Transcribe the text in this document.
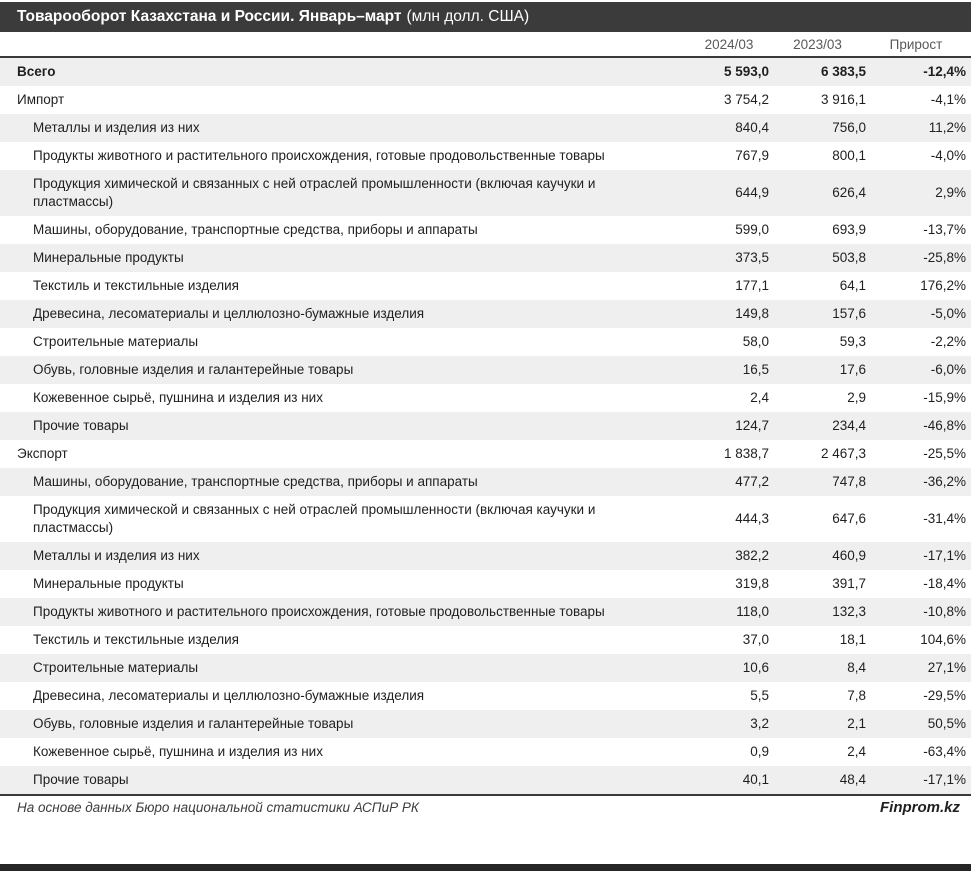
Товарооборот Казахстана и России. Январь–март (млн долл. США)
2024/03	2023/03	Прирост
Всего	5 593,0	6 383,5	-12,4%
Импорт	3 754,2	3 916,1	-4,1%
Металлы и изделия из них	840,4	756,0	11,2%
Продукты животного и растительного происхождения, готовые продовольственные товары	767,9	800,1	-4,0%
Продукция химической и связанных с ней отраслей промышленности (включая каучуки и пластмассы)
644,9	626,4	2,9%
Машины, оборудование, транспортные средства, приборы и аппараты	599,0	693,9	-13,7%
Минеральные продукты	373,5	503,8	-25,8%
Текстиль и текстильные изделия	177,1	64,1	176,2%
Древесина, лесоматериалы и целлюлозно-бумажные изделия	149,8	157,6	-5,0%
Строительные материалы	58,0	59,3	-2,2%
Обувь, головные изделия и галантерейные товары	16,5	17,6	-6,0%
Кожевенное сырьё, пушнина и изделия из них	2,4	2,9	-15,9%
Прочие товары	124,7	234,4	-46,8%
Экспорт	1 838,7	2 467,3	-25,5%
Машины, оборудование, транспортные средства, приборы и аппараты	477,2	747,8	-36,2%
Продукция химической и связанных с ней отраслей промышленности (включая каучуки и пластмассы)
444,3	647,6	-31,4%
Металлы и изделия из них	382,2	460,9	-17,1%
Минеральные продукты	319,8	391,7	-18,4%
Продукты животного и растительного происхождения, готовые продовольственные товары	118,0	132,3	-10,8%
Текстиль и текстильные изделия	37,0	18,1	104,6%
Строительные материалы	10,6	8,4	27,1%
Древесина, лесоматериалы и целлюлозно-бумажные изделия	5,5	7,8	-29,5%
Обувь, головные изделия и галантерейные товары	3,2	2,1	50,5%
Кожевенное сырьё, пушнина и изделия из них	0,9	2,4	-63,4%
Прочие товары	40,1	48,4	-17,1%
На основе данных Бюро национальной статистики АСПиР РК	Finprom.kz
